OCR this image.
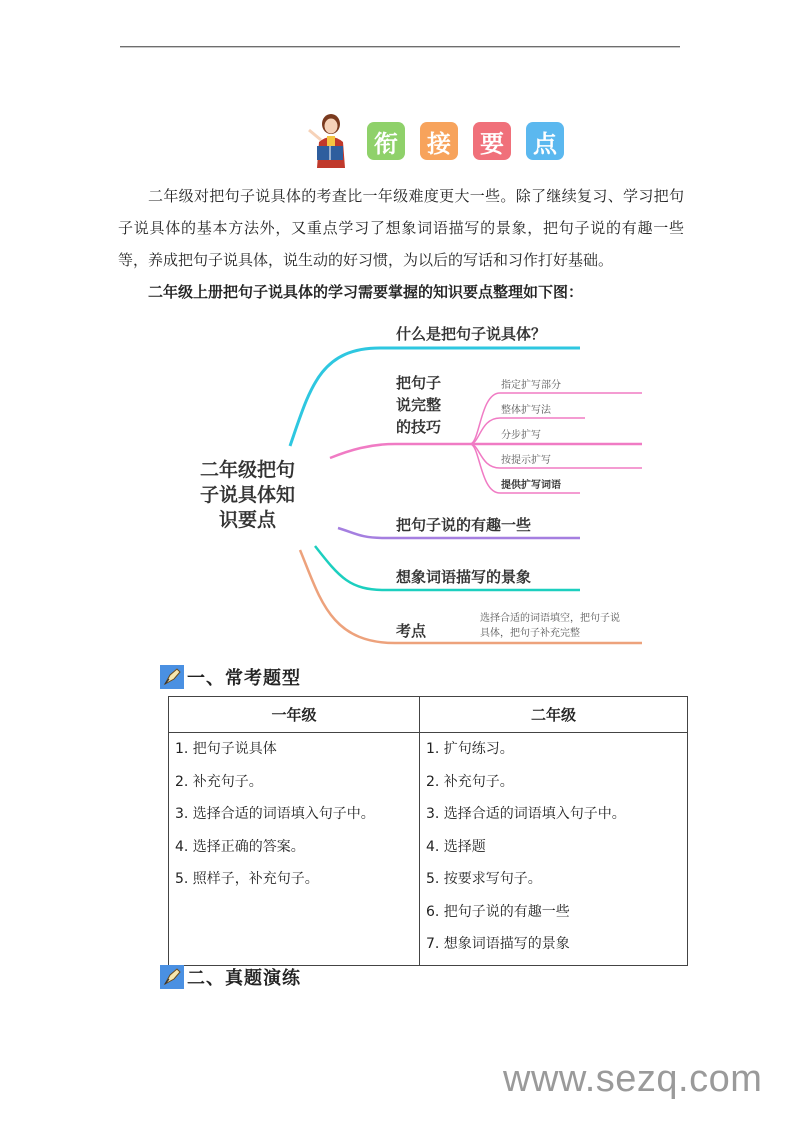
衔 接 要 点

二年级对把句子说具体的考查比一年级难度更大一些。除了继续复习、学习把句子说具体的基本方法外，又重点学习了想象词语描写的景象，把句子说的有趣一些等，养成把句子说具体，说生动的好习惯，为以后的写话和习作打好基础。

二年级上册把句子说具体的学习需要掌握的知识要点整理如下图：

二年级把句
子说具体知
识要点
什么是把句子说具体？
把句子
说完整
的技巧
指定扩写部分
整体扩写法
分步扩写
按提示扩写
提供扩写词语
把句子说的有趣一些
想象词语描写的景象
考点
选择合适的词语填空，把句子说
具体，把句子补充完整
一、常考题型
一年级	二年级

1. 把句子说具体
2. 补充句子。
3. 选择合适的词语填入句子中。
4. 选择正确的答案。
5. 照样子，补充句子。

1. 扩句练习。
2. 补充句子。
3. 选择合适的词语填入句子中。
4. 选择题
5. 按要求写句子。
6. 把句子说的有趣一些
7. 想象词语描写的景象
二、真题演练
www.sezq.com
